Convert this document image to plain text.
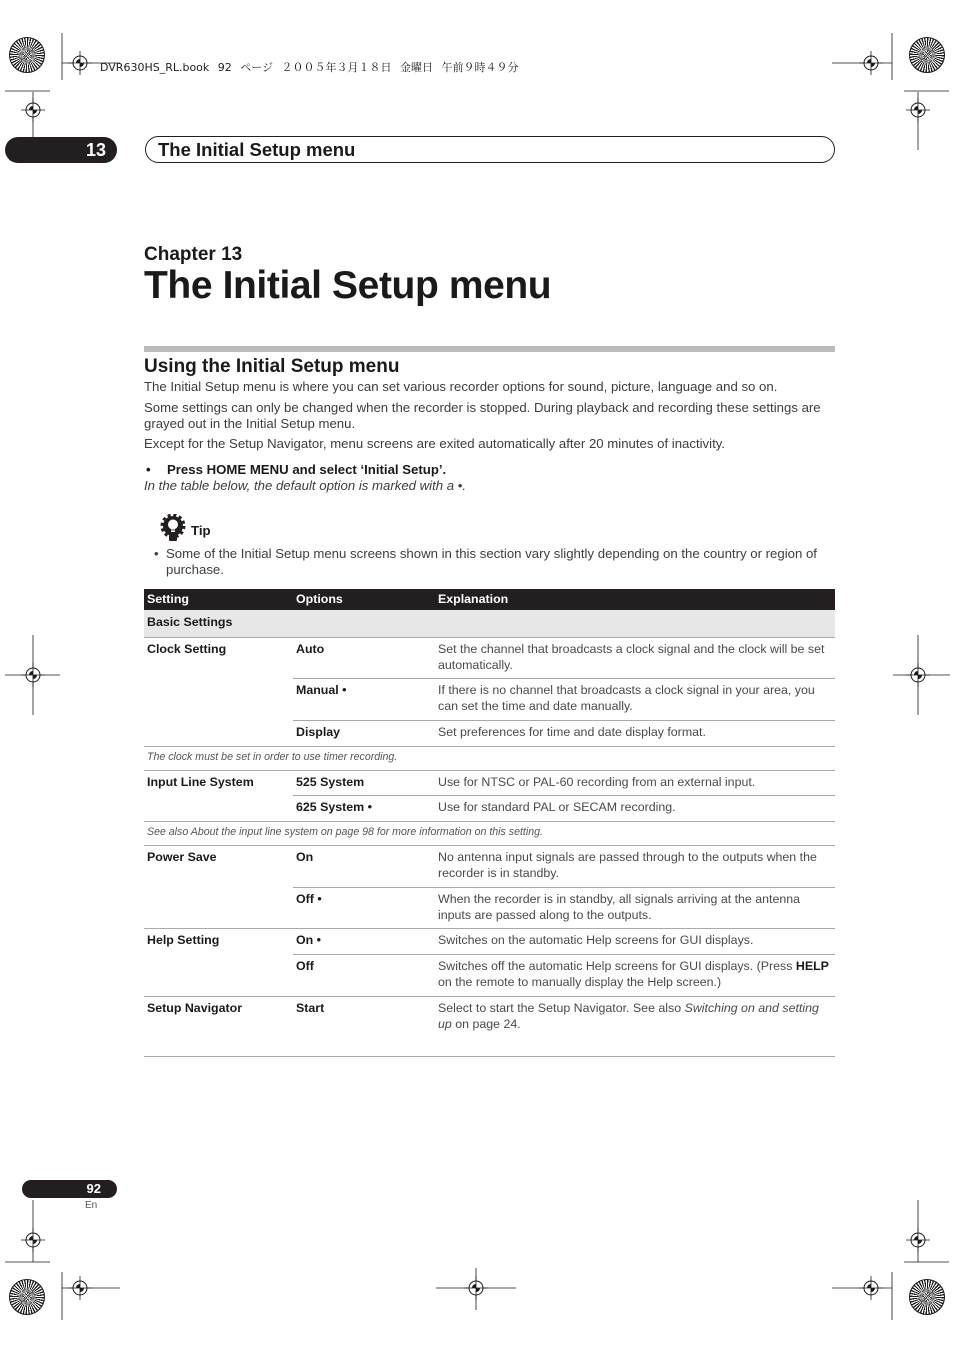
DVR630HS_RL.book 92 ページ ２００５年３月１８日 金曜日 午前９時４９分
13	The Initial Setup menu
Chapter 13
The Initial Setup menu
Using the Initial Setup menu

The Initial Setup menu is where you can set various recorder options for sound, picture, language and so on.

Some settings can only be changed when the recorder is stopped. During playback and recording these settings are grayed out in the Initial Setup menu.

Except for the Setup Navigator, menu screens are exited automatically after 20 minutes of inactivity.

• Press HOME MENU and select ‘Initial Setup’.
In the table below, the default option is marked with a •.
Tip
• Some of the Initial Setup menu screens shown in this section vary slightly depending on the country or region of purchase.
Setting	Options	Explanation
Basic Settings		
Clock Setting	Auto	Set the channel that broadcasts a clock signal and the clock will be set automatically.
	Manual •	If there is no channel that broadcasts a clock signal in your area, you can set the time and date manually.
	Display	Set preferences for time and date display format.
The clock must be set in order to use timer recording.		
Input Line System	525 System	Use for NTSC or PAL-60 recording from an external input.
	625 System •	Use for standard PAL or SECAM recording.
See also About the input line system on page 98 for more information on this setting.		
Power Save	On	No antenna input signals are passed through to the outputs when the recorder is in standby.
	Off •	When the recorder is in standby, all signals arriving at the antenna inputs are passed along to the outputs.
Help Setting	On •	Switches on the automatic Help screens for GUI displays.
	Off	Switches off the automatic Help screens for GUI displays. (Press HELP on the remote to manually display the Help screen.)
Setup Navigator	Start	Select to start the Setup Navigator. See also Switching on and setting up on page 24.
92
En
